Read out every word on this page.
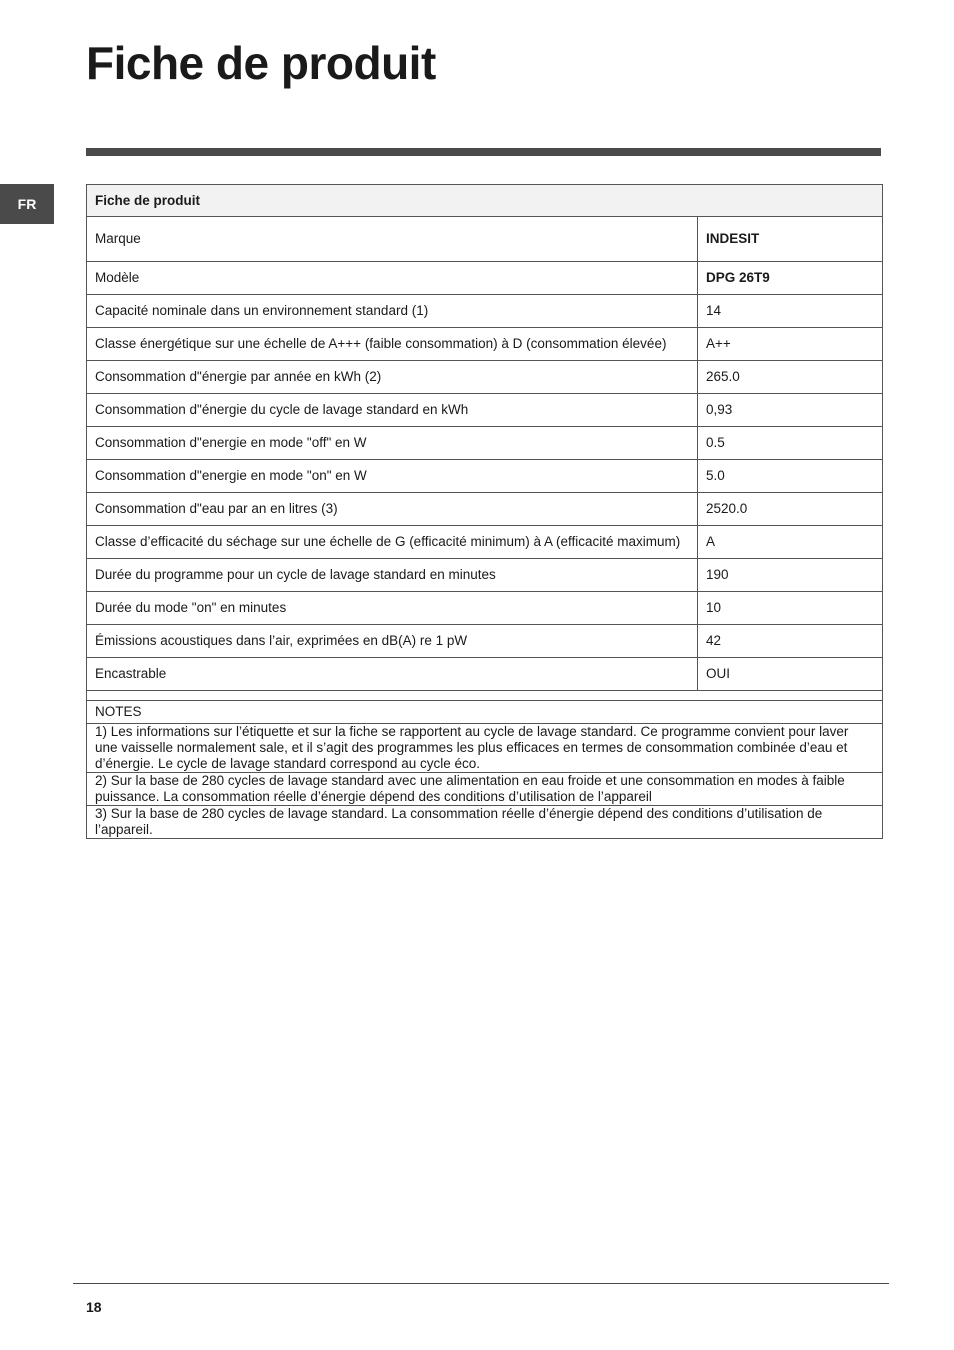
Fiche de produit
FR	Fiche de produit	
Marque	INDESIT
Modèle	DPG 26T9
Capacité nominale dans un environnement standard (1)	14
Classe énergétique sur une échelle de A+++ (faible consommation) à D (consommation élevée)	A++
Consommation d"énergie par année en kWh (2)	265.0
Consommation d"énergie du cycle de lavage standard en kWh	0,93
Consommation d"energie en mode "off" en W	0.5
Consommation d"energie en mode "on" en W	5.0
Consommation d"eau par an en litres (3)	2520.0
Classe d’efficacité du séchage sur une échelle de G (efficacité minimum) à A (efficacité maximum)	A
Durée du programme pour un cycle de lavage standard en minutes	190
Durée du mode "on" en minutes	10
Émissions acoustiques dans l’air, exprimées en dB(A) re 1 pW	42
Encastrable	OUI

NOTES	
1) Les informations sur l’étiquette et sur la fiche se rapportent au cycle de lavage standard. Ce programme convient pour laver une vaisselle normalement sale, et il s’agit des programmes les plus efficaces en termes de consommation combinée d’eau et d’énergie. Le cycle de lavage standard correspond au cycle éco.	
2) Sur la base de 280 cycles de lavage standard avec une alimentation en eau froide et une consommation en modes à faible puissance. La consommation réelle d’énergie dépend des conditions d’utilisation de l’appareil	
3) Sur la base de 280 cycles de lavage standard. La consommation réelle d’énergie dépend des conditions d’utilisation de l’appareil.	
18
